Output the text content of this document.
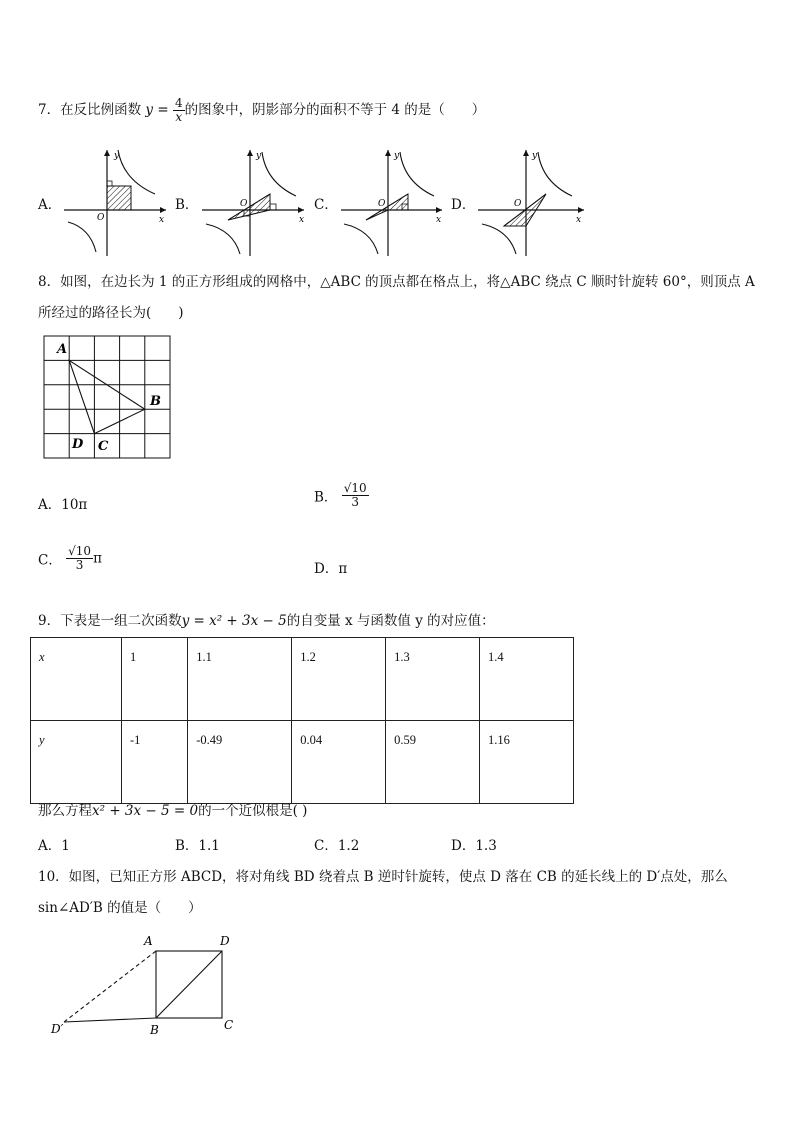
7．在反比例函数 $y = \frac{4}{x}$ 的图象中，阴影部分的面积不等于 4 的是（　　）
A．	B．	C．	D．
y
x
O
y
x
O
y
x
O
y
x
O
8．如图，在边长为 1 的正方形组成的网格中，△ABC 的顶点都在格点上，将△ABC 绕点 C 顺时针旋转 60°，则顶点 A
所经过的路径长为(　　)
A
B
C
D
A．10π	B． $\frac{√10}{3}$
C． $\frac{√10}{3}$ π
D．π
9．下表是一组二次函数y = x² + 3x − 5的自变量 x 与函数值 y 的对应值：
x	1	1.1	1.2	1.3	1.4
y	-1	-0.49	0.04	0.59	1.16
那么方程x² + 3x − 5 = 0的一个近似根是( )
A．1	B．1.1	C．1.2	D．1.3
10．如图，已知正方形 ABCD，将对角线 BD 绕着点 B 逆时针旋转，使点 D 落在 CB 的延长线上的 D′点处，那么
sin∠AD′B 的值是（　　）
A	D
D′	B	C
